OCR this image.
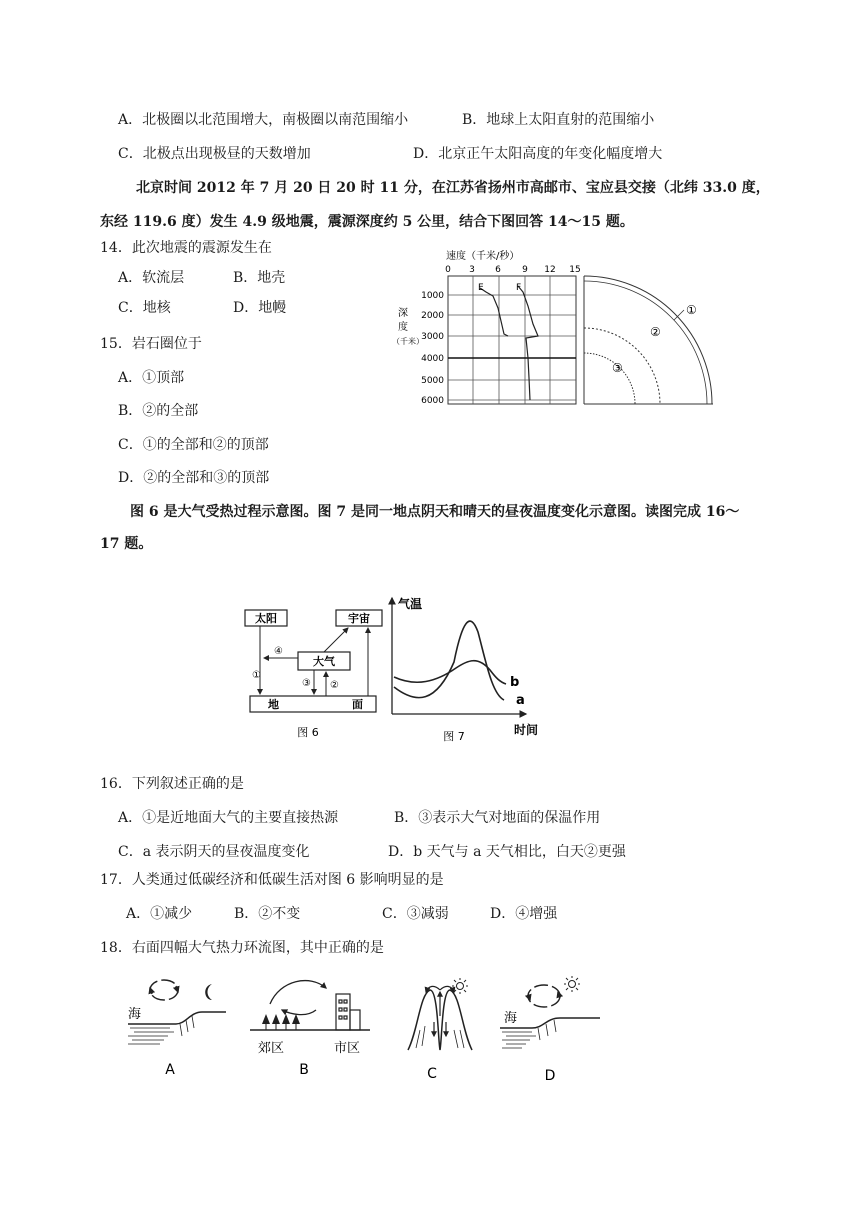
A．北极圈以北范围增大，南极圈以南范围缩小	B．地球上太阳直射的范围缩小
C．北极点出现极昼的天数增加	D．北京正午太阳高度的年变化幅度增大
北京时间 2012 年 7 月 20 日 20 时 11 分，在江苏省扬州市高邮市、宝应县交接（北纬 33.0 度，
东经 119.6 度）发生 4.9 级地震，震源深度约 5 公里，结合下图回答 14～15 题。
14．此次地震的震源发生在
A．软流层	B．地壳
C．地核	D．地幔
15．岩石圈位于
A．①顶部
B．②的全部
C．①的全部和②的顶部
D．②的全部和③的顶部
速度（千米/秒）
0 3 6 9 12 15
深
度
（千米）
1000
2000
3000
4000
5000
6000
E	F
①
②
③
图 6 是大气受热过程示意图。图 7 是同一地点阴天和晴天的昼夜温度变化示意图。读图完成 16～
17 题。
太阳	宇宙
大气
地	面
①
④
③ ②
图 6
气温
时间
b
a
图 7
16．下列叙述正确的是
A．①是近地面大气的主要直接热源	B．③表示大气对地面的保温作用
C．a 表示阴天的昼夜温度变化	D．b 天气与 a 天气相比，白天②更强
17．人类通过低碳经济和低碳生活对图 6 影响明显的是
A．①减少	B．②不变	C．③减弱	D．④增强
18．右面四幅大气热力环流图，其中正确的是
海
A
郊区	市区
B	C
海
D
